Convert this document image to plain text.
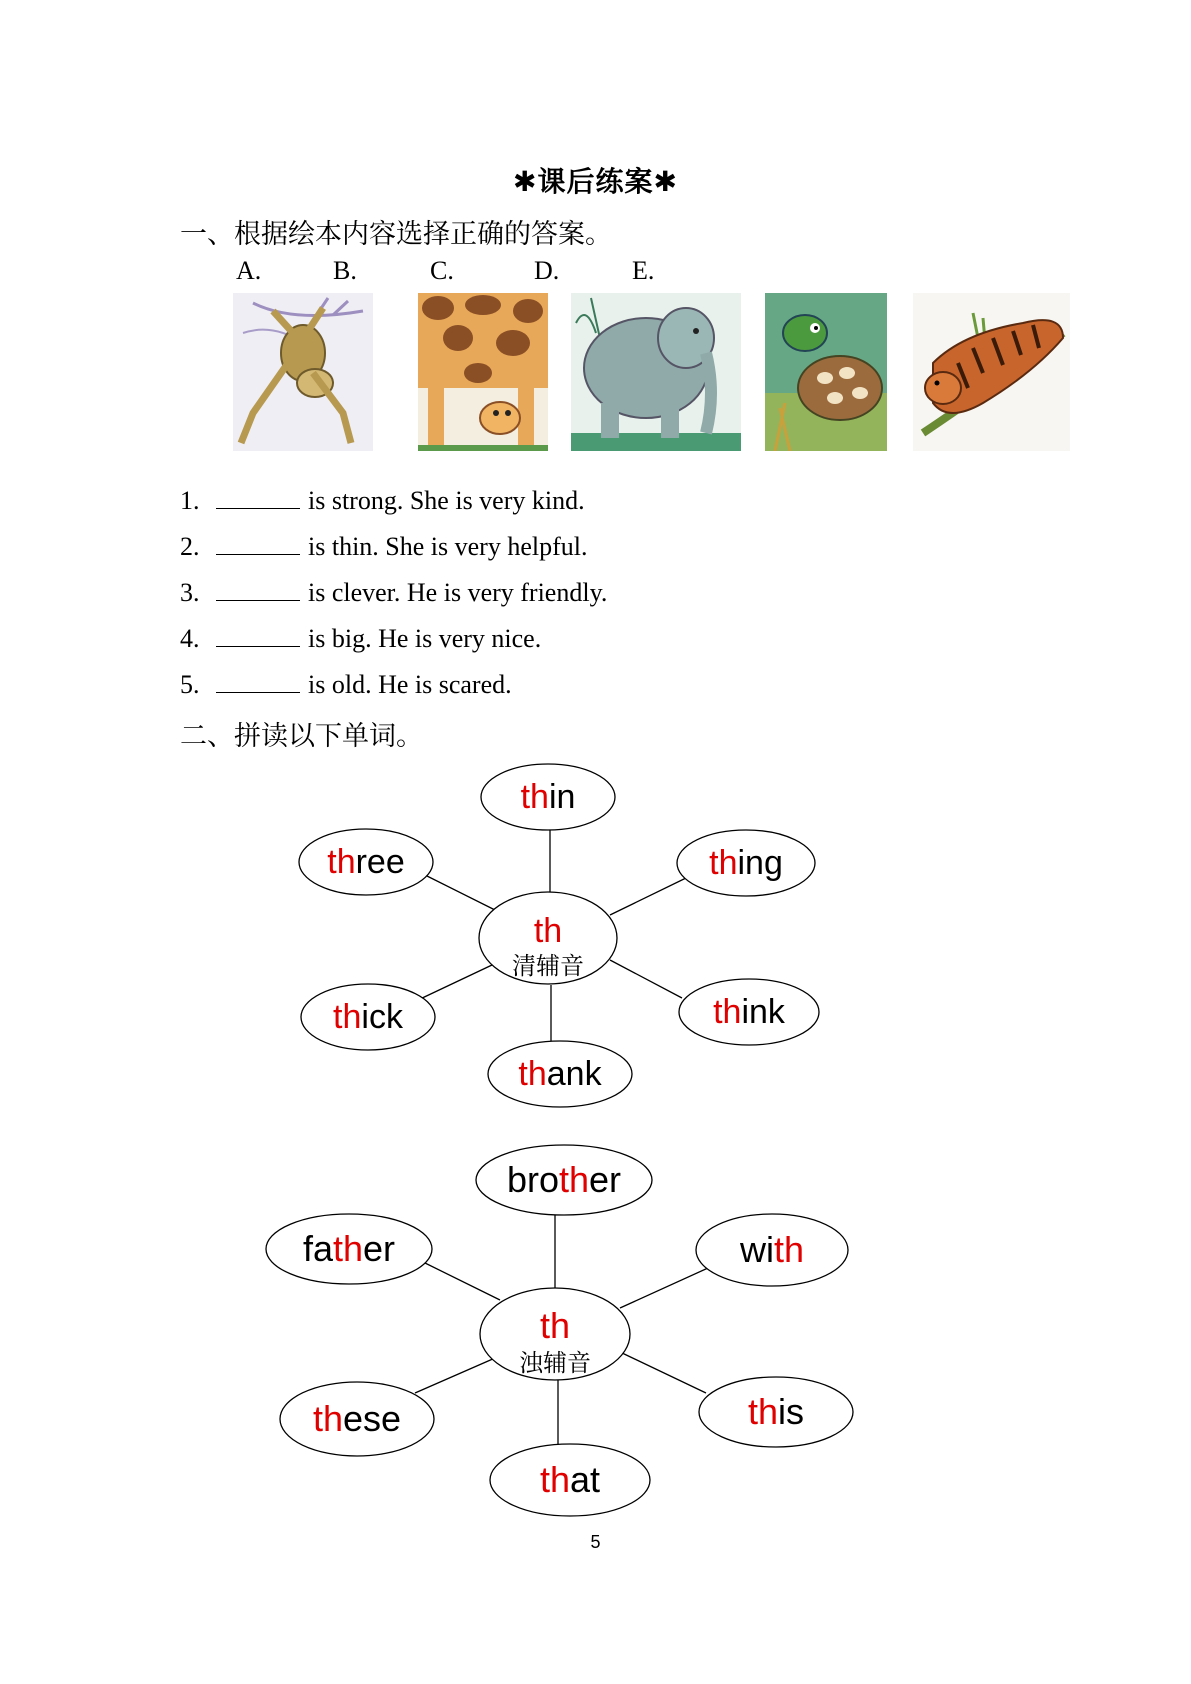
✱课后练案✱
一、根据绘本内容选择正确的答案。
A.	B.	C.	D.	E.
1.	is strong. She is very kind.
2.	is thin. She is very helpful.
3.	is clever. He is very friendly.
4.	is big. He is very nice.
5.	is old. He is scared.
二、拼读以下单词。
thin
three	thing
th
清辅音
thick	think
thank
brother
father	with
th
浊辅音
these	this
that
5
